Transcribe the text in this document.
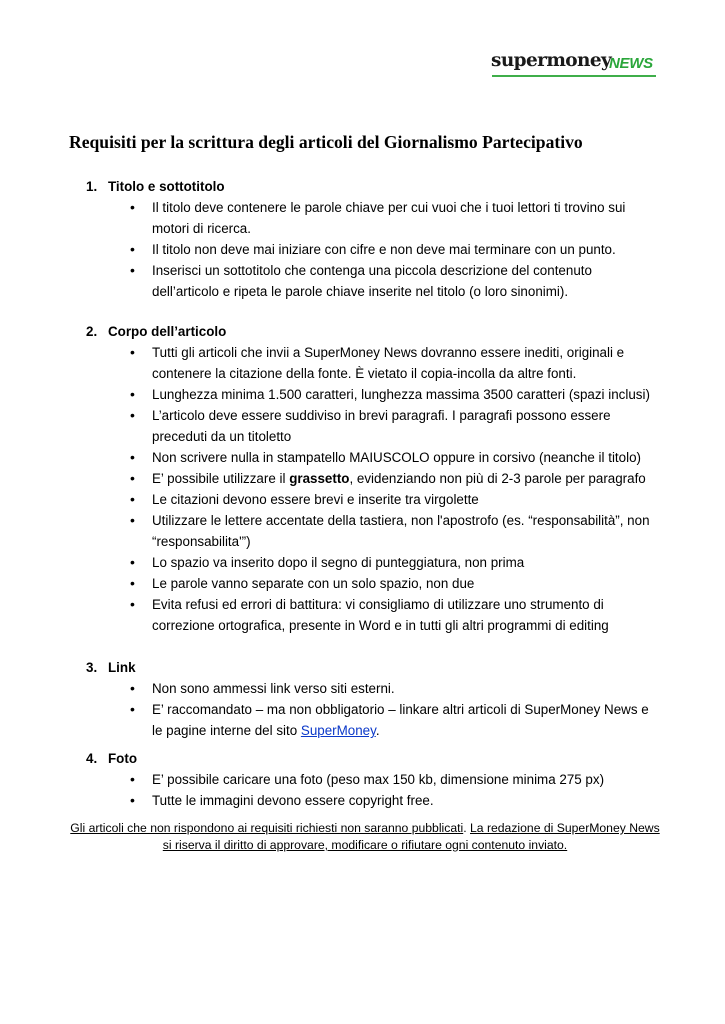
supermoney
NEWS
Requisiti per la scrittura degli articoli del Giornalismo Partecipativo
1. Titolo e sottotitolo
• Il titolo deve contenere le parole chiave per cui vuoi che i tuoi lettori ti trovino sui motori di ricerca.
• Il titolo non deve mai iniziare con cifre e non deve mai terminare con un punto.
• Inserisci un sottotitolo che contenga una piccola descrizione del contenuto dell’articolo e ripeta le parole chiave inserite nel titolo (o loro sinonimi).
2. Corpo dell’articolo
• Tutti gli articoli che invii a SuperMoney News dovranno essere inediti, originali e contenere la citazione della fonte. È vietato il copia-incolla da altre fonti.
• Lunghezza minima 1.500 caratteri, lunghezza massima 3500 caratteri (spazi inclusi)
• L’articolo deve essere suddiviso in brevi paragrafi. I paragrafi possono essere preceduti da un titoletto
• Non scrivere nulla in stampatello MAIUSCOLO oppure in corsivo (neanche il titolo)
• E’ possibile utilizzare il grassetto, evidenziando non più di 2-3 parole per paragrafo
• Le citazioni devono essere brevi e inserite tra virgolette
• Utilizzare le lettere accentate della tastiera, non l'apostrofo (es. “responsabilità”, non “responsabilita'”)
• Lo spazio va inserito dopo il segno di punteggiatura, non prima
• Le parole vanno separate con un solo spazio, non due
• Evita refusi ed errori di battitura: vi consigliamo di utilizzare uno strumento di correzione ortografica, presente in Word e in tutti gli altri programmi di editing
3. Link
• Non sono ammessi link verso siti esterni.
• E’ raccomandato – ma non obbligatorio – linkare altri articoli di SuperMoney News e le pagine interne del sito SuperMoney.
4. Foto
• E’ possibile caricare una foto (peso max 150 kb, dimensione minima 275 px)
• Tutte le immagini devono essere copyright free.
Gli articoli che non rispondono ai requisiti richiesti non saranno pubblicati. La redazione di SuperMoney News si riserva il diritto di approvare, modificare o rifiutare ogni contenuto inviato.
